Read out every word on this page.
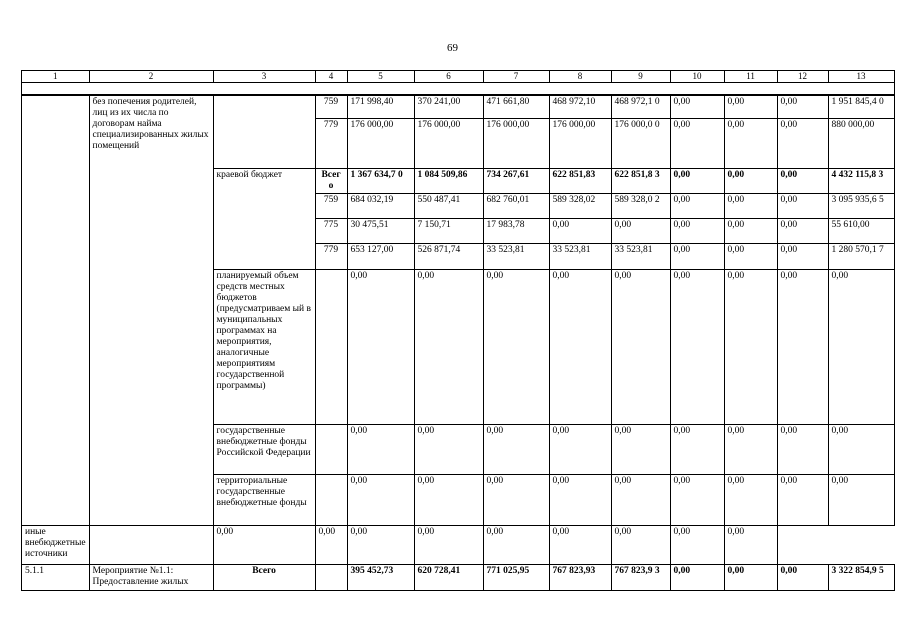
69
1	2	3	4	5	6	7	8	9	10	11	12	13

	без попечения родителей, лиц из их числа по договорам найма специализированных жилых помещений		759	171 998,40	370 241,00	471 661,80	468 972,10	468 972,1 0	0,00	0,00	0,00	1 951 845,4 0
			779	176 000,00	176 000,00	176 000,00	176 000,00	176 000,0 0	0,00	0,00	0,00	880 000,00
		краевой бюджет	Всег о	1 367 634,7 0	1 084 509,86	734 267,61	622 851,83	622 851,8 3	0,00	0,00	0,00	4 432 115,8 3
			759	684 032,19	550 487,41	682 760,01	589 328,02	589 328,0 2	0,00	0,00	0,00	3 095 935,6 5
			775	30 475,51	7 150,71	17 983,78	0,00	0,00	0,00	0,00	0,00	55 610,00
			779	653 127,00	526 871,74	33 523,81	33 523,81	33 523,81	0,00	0,00	0,00	1 280 570,1 7
		планируемый объем средств местных бюджетов (предусматриваем ый в муниципальных программах на мероприятия, аналогичные мероприятиям государственной программы)		0,00	0,00	0,00	0,00	0,00	0,00	0,00	0,00	0,00
		государственные внебюджетные фонды Российской Федерации		0,00	0,00	0,00	0,00	0,00	0,00	0,00	0,00	0,00
		территориальные государственные внебюджетные фонды		0,00	0,00	0,00	0,00	0,00	0,00	0,00	0,00	0,00
иные внебюджетные источники		0,00	0,00	0,00	0,00	0,00	0,00	0,00	0,00	0,00		
5.1.1	Мероприятие №1.1: Предоставление жилых	Всего		395 452,73	620 728,41	771 025,95	767 823,93	767 823,9 3	0,00	0,00	0,00	3 322 854,9 5
